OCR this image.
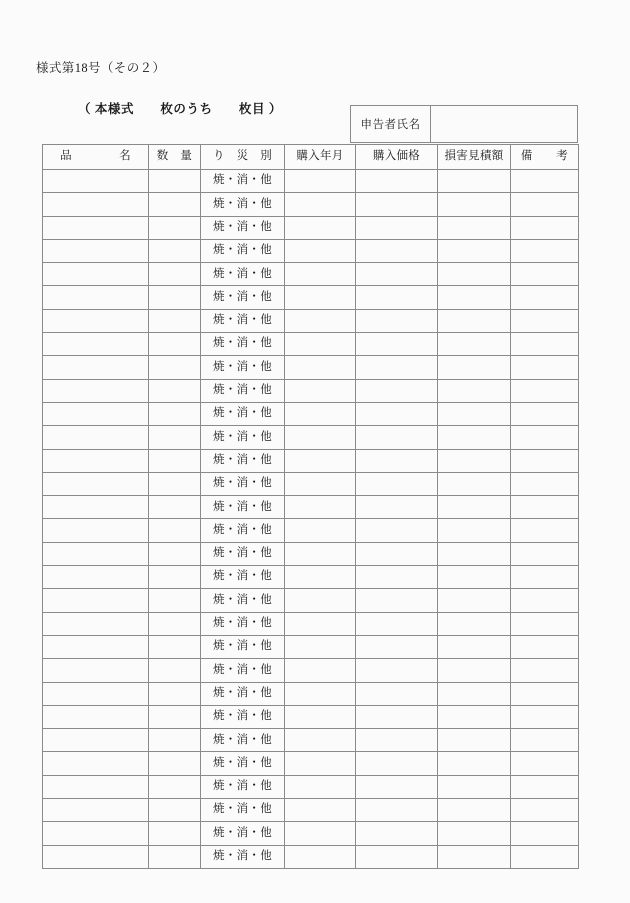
様式第18号（その２）
（ 本様式　　枚のうち　　枚目 ）
申告者氏名
品　　　　名	数　量	り　災　別	購入年月	購入価格	損害見積額	備　　考
		焼・消・他				
		焼・消・他				
		焼・消・他				
		焼・消・他				
		焼・消・他				
		焼・消・他				
		焼・消・他				
		焼・消・他				
		焼・消・他				
		焼・消・他				
		焼・消・他				
		焼・消・他				
		焼・消・他				
		焼・消・他				
		焼・消・他				
		焼・消・他				
		焼・消・他				
		焼・消・他				
		焼・消・他				
		焼・消・他				
		焼・消・他				
		焼・消・他				
		焼・消・他				
		焼・消・他				
		焼・消・他				
		焼・消・他				
		焼・消・他				
		焼・消・他				
		焼・消・他				
		焼・消・他				
